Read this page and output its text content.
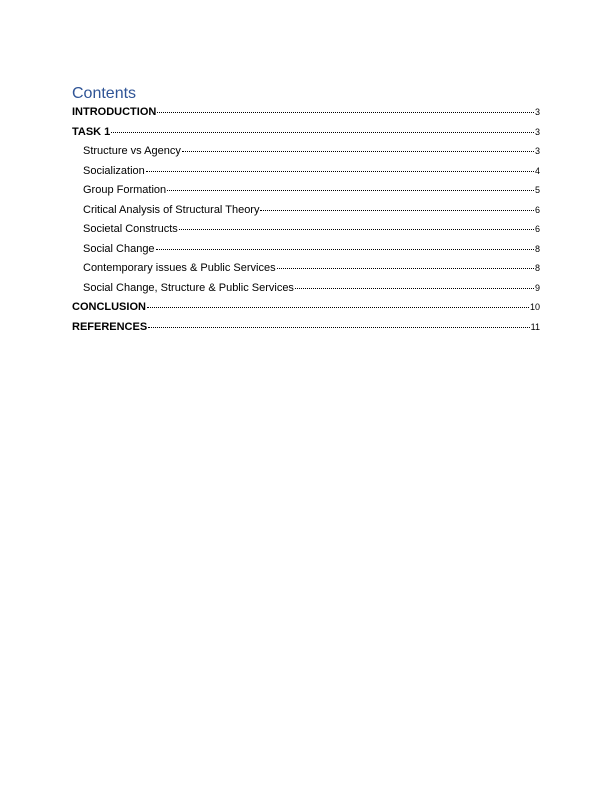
Contents
INTRODUCTION	3
TASK 1	3
Structure vs Agency	3
Socialization	4
Group Formation	5
Critical Analysis of Structural Theory	6
Societal Constructs	6
Social Change	8
Contemporary issues & Public Services	8
Social Change, Structure & Public Services	9
CONCLUSION	10
REFERENCES	11
